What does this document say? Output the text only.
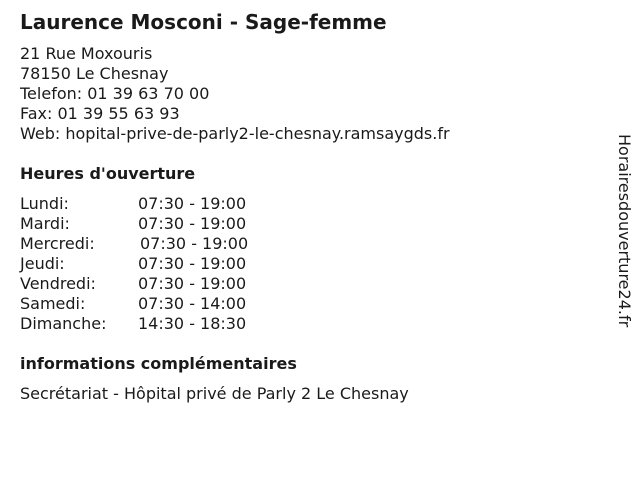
Laurence Mosconi - Sage-femme
21 Rue Moxouris
78150 Le Chesnay
Telefon: 01 39 63 70 00
Fax: 01 39 55 63 93
Web: hopital-prive-de-parly2-le-chesnay.ramsaygds.fr
Heures d'ouverture
Lundi:	07:30 - 19:00
Mardi:	07:30 - 19:00
Mercredi:	07:30 - 19:00
Jeudi:	07:30 - 19:00
Vendredi:	07:30 - 19:00
Samedi:	07:30 - 14:00
Dimanche: 14:30 - 18:30
informations complémentaires
Secrétariat - Hôpital privé de Parly 2 Le Chesnay
Horairesdouverture24.fr
